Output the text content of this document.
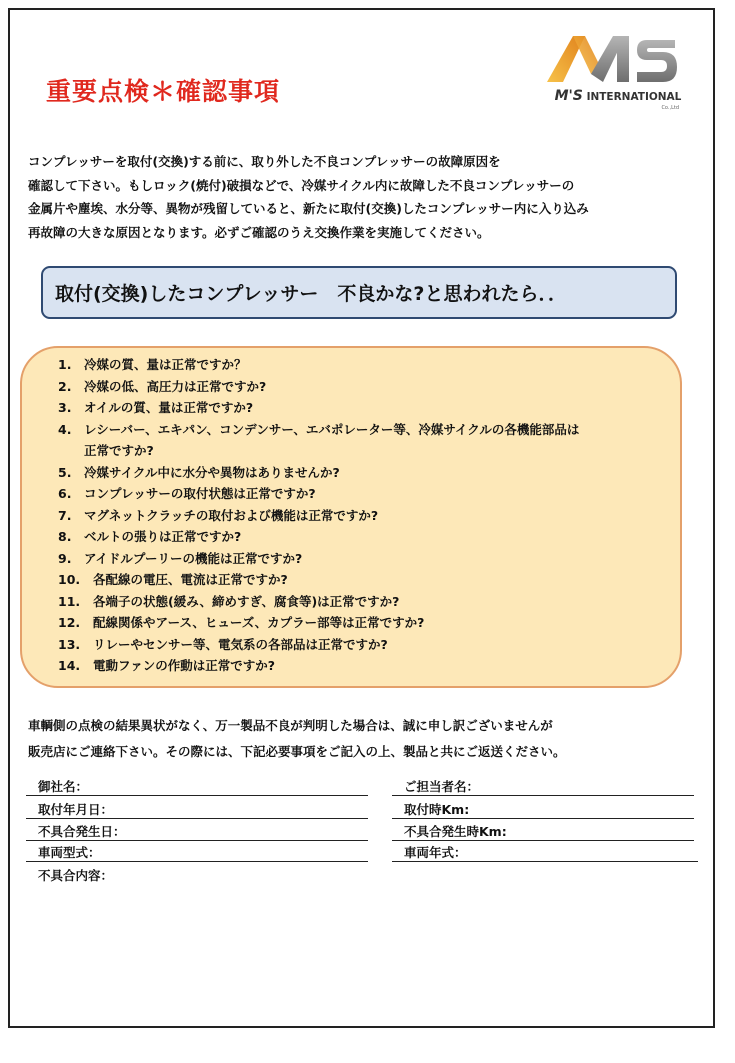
重要点検＊確認事項	M'S INTERNATIONAL
Co.,Ltd

コンプレッサーを取付(交換)する前に、取り外した不良コンプレッサーの故障原因を

確認して下さい。もしロック(焼付)破損などで、冷媒サイクル内に故障した不良コンプレッサーの

金属片や塵埃、水分等、異物が残留していると、新たに取付(交換)したコンプレッサー内に入り込み

再故障の大きな原因となります。必ずご確認のうえ交換作業を実施してください。

取付(交換)したコンプレッサー　不良かな?と思われたら．．
1.	冷媒の質、量は正常ですか？
2.	冷媒の低、高圧力は正常ですか?
3.	オイルの質、量は正常ですか?
4.	レシーバー、エキパン、コンデンサー、エバポレーター等、冷媒サイクルの各機能部品は
正常ですか?
5.	冷媒サイクル中に水分や異物はありませんか?
6.	コンプレッサーの取付状態は正常ですか?
7.	マグネットクラッチの取付および機能は正常ですか?
8.	ベルトの張りは正常ですか?
9.	アイドルプーリーの機能は正常ですか?
10.	各配線の電圧、電流は正常ですか?
11.	各端子の状態(緩み、締めすぎ、腐食等)は正常ですか?
12.	配線関係やアース、ヒューズ、カプラー部等は正常ですか?
13.	リレーやセンサー等、電気系の各部品は正常ですか?
14.	電動ファンの作動は正常ですか?

車輌側の点検の結果異状がなく、万一製品不良が判明した場合は、誠に申し訳ございませんが

販売店にご連絡下さい。その際には、下記必要事項をご記入の上、製品と共にご返送ください。

御社名：	ご担当者名：
取付年月日：	取付時Km:
不具合発生日：	不具合発生時Km:
車両型式：	車両年式：
不具合内容：
